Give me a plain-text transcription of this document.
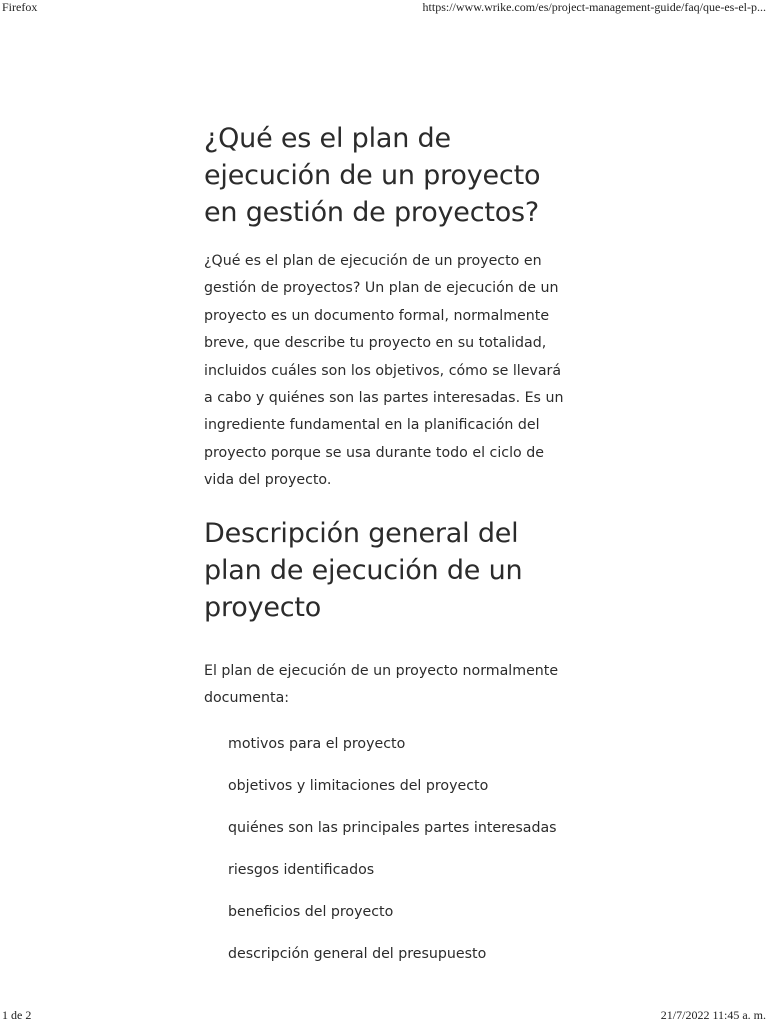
Firefox	https://www.wrike.com/es/project-management-guide/faq/que-es-el-p...
¿Qué es el plan de ejecución de un proyecto en gestión de proyectos?

¿Qué es el plan de ejecución de un proyecto en gestión de proyectos? Un plan de ejecución de un proyecto es un documento formal, normalmente breve, que describe tu proyecto en su totalidad, incluidos cuáles son los objetivos, cómo se llevará a cabo y quiénes son las partes interesadas. Es un ingrediente fundamental en la planificación del proyecto porque se usa durante todo el ciclo de vida del proyecto.

Descripción general del plan de ejecución de un proyecto

El plan de ejecución de un proyecto normalmente documenta:

motivos para el proyecto
objetivos y limitaciones del proyecto
quiénes son las principales partes interesadas
riesgos identificados
beneficios del proyecto
descripción general del presupuesto
1 de 2	21/7/2022 11:45 a. m.
